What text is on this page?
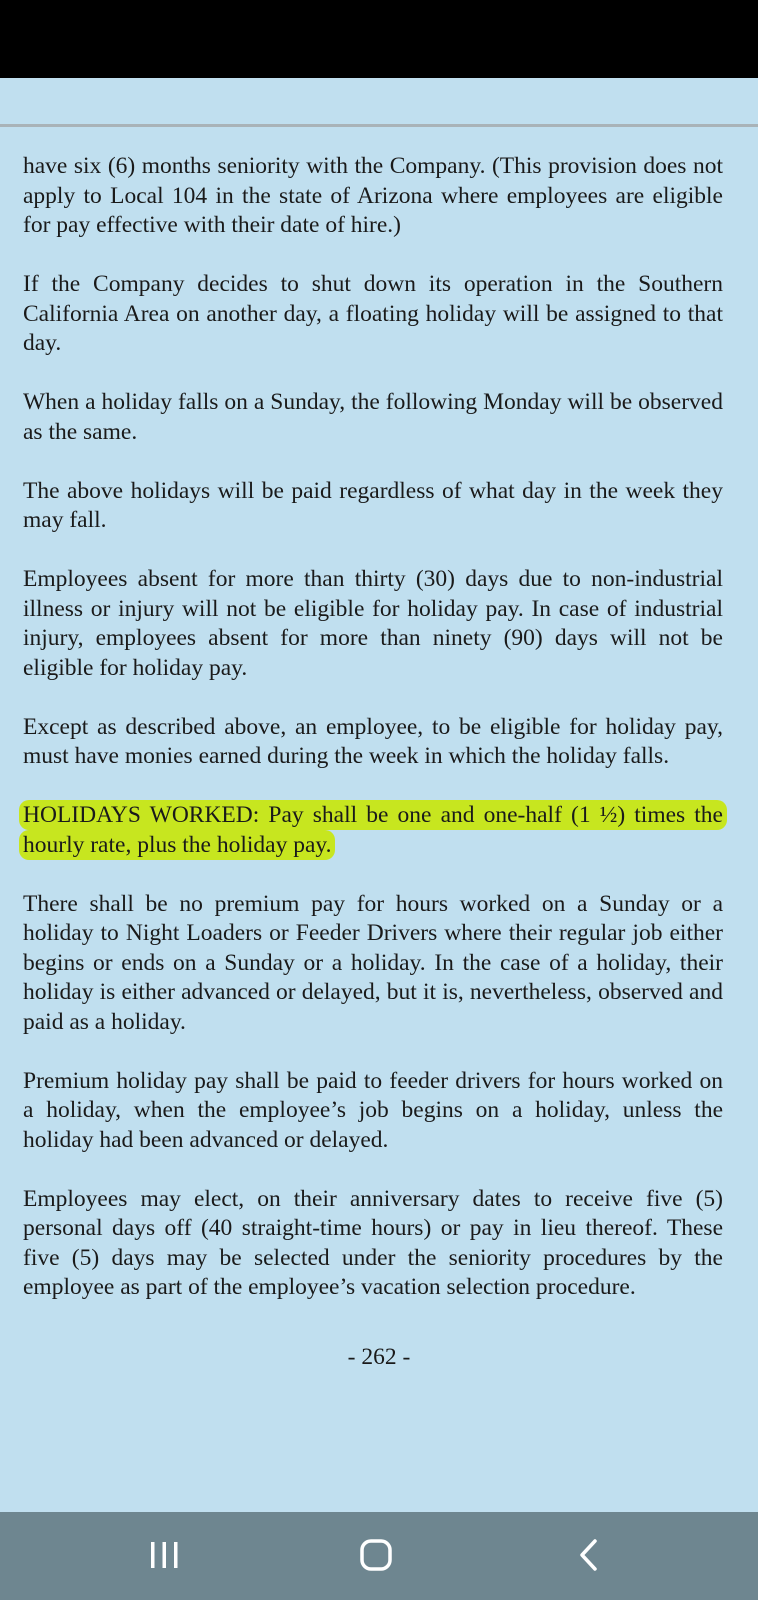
have six (6) months seniority with the Company. (This provision does not apply to Local 104 in the state of Arizona where employees are eligible for pay effective with their date of hire.)

If the Company decides to shut down its operation in the Southern California Area on another day, a floating holiday will be assigned to that day.

When a holiday falls on a Sunday, the following Monday will be observed as the same.

The above holidays will be paid regardless of what day in the week they may fall.

Employees absent for more than thirty (30) days due to non-industrial illness or injury will not be eligible for holiday pay. In case of industrial injury, employees absent for more than ninety (90) days will not be eligible for holiday pay.

Except as described above, an employee, to be eligible for holiday pay, must have monies earned during the week in which the holiday falls.

HOLIDAYS WORKED: Pay shall be one and one-half (1 ½) times the hourly rate, plus the holiday pay.

There shall be no premium pay for hours worked on a Sunday or a holiday to Night Loaders or Feeder Drivers where their regular job either begins or ends on a Sunday or a holiday. In the case of a holiday, their holiday is either advanced or delayed, but it is, nevertheless, observed and paid as a holiday.

Premium holiday pay shall be paid to feeder drivers for hours worked on a holiday, when the employee’s job begins on a holiday, unless the holiday had been advanced or delayed.

Employees may elect, on their anniversary dates to receive five (5) personal days off (40 straight-time hours) or pay in lieu thereof. These five (5) days may be selected under the seniority procedures by the employee as part of the employee’s vacation selection procedure.

- 262 -
